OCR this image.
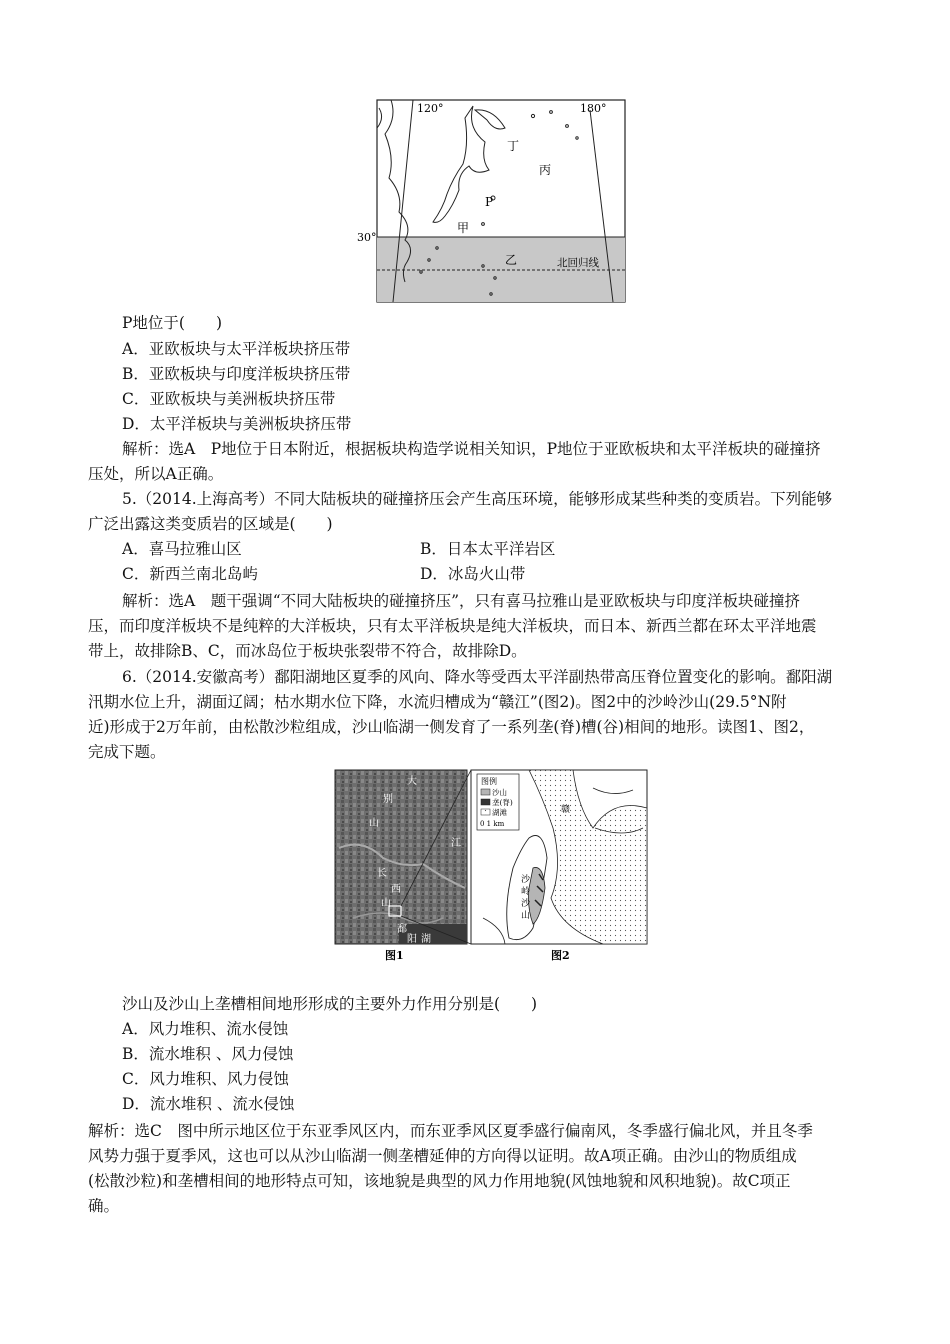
120°	180°
30°
丁
丙
P
甲
乙	北回归线
P地位于(　　)
A．亚欧板块与太平洋板块挤压带
B．亚欧板块与印度洋板块挤压带
C．亚欧板块与美洲板块挤压带
D．太平洋板块与美洲板块挤压带
解析：选A　P地位于日本附近，根据板块构造学说相关知识，P地位于亚欧板块和太平洋板块的碰撞挤
压处，所以A正确。
5.（2014.上海高考）不同大陆板块的碰撞挤压会产生高压环境，能够形成某些种类的变质岩。下列能够
广泛出露这类变质岩的区域是(　　)
A．喜马拉雅山区	B．日本太平洋岩区
C．新西兰南北岛屿	D．冰岛火山带
解析：选A　题干强调“不同大陆板块的碰撞挤压”，只有喜马拉雅山是亚欧板块与印度洋板块碰撞挤
压，而印度洋板块不是纯粹的大洋板块，只有太平洋板块是纯大洋板块，而日本、新西兰都在环太平洋地震
带上，故排除B、C，而冰岛位于板块张裂带不符合，故排除D。
6.（2014.安徽高考）鄱阳湖地区夏季的风向、降水等受西太平洋副热带高压脊位置变化的影响。鄱阳湖
汛期水位上升，湖面辽阔；枯水期水位下降，水流归槽成为“赣江”(图2)。图2中的沙岭沙山(29.5°N附
近)形成于2万年前，由松散沙粒组成，沙山临湖一侧发育了一系列垄(脊)槽(谷)相间的地形。读图1、图2，
完成下题。
大
别
山
江
长
西
山
鄱
阳 湖
图例
沙山
垄(脊)
湖滩
0 1 km
赣
沙
岭
沙
山
图1	图2
沙山及沙山上垄槽相间地形形成的主要外力作用分别是(　　)
A．风力堆积、流水侵蚀
B．流水堆积 、风力侵蚀
C．风力堆积、风力侵蚀
D．流水堆积 、流水侵蚀
解析：选C　图中所示地区位于东亚季风区内，而东亚季风区夏季盛行偏南风，冬季盛行偏北风，并且冬季
风势力强于夏季风，这也可以从沙山临湖一侧垄槽延伸的方向得以证明。故A项正确。由沙山的物质组成
(松散沙粒)和垄槽相间的地形特点可知，该地貌是典型的风力作用地貌(风蚀地貌和风积地貌)。故C项正
确。
